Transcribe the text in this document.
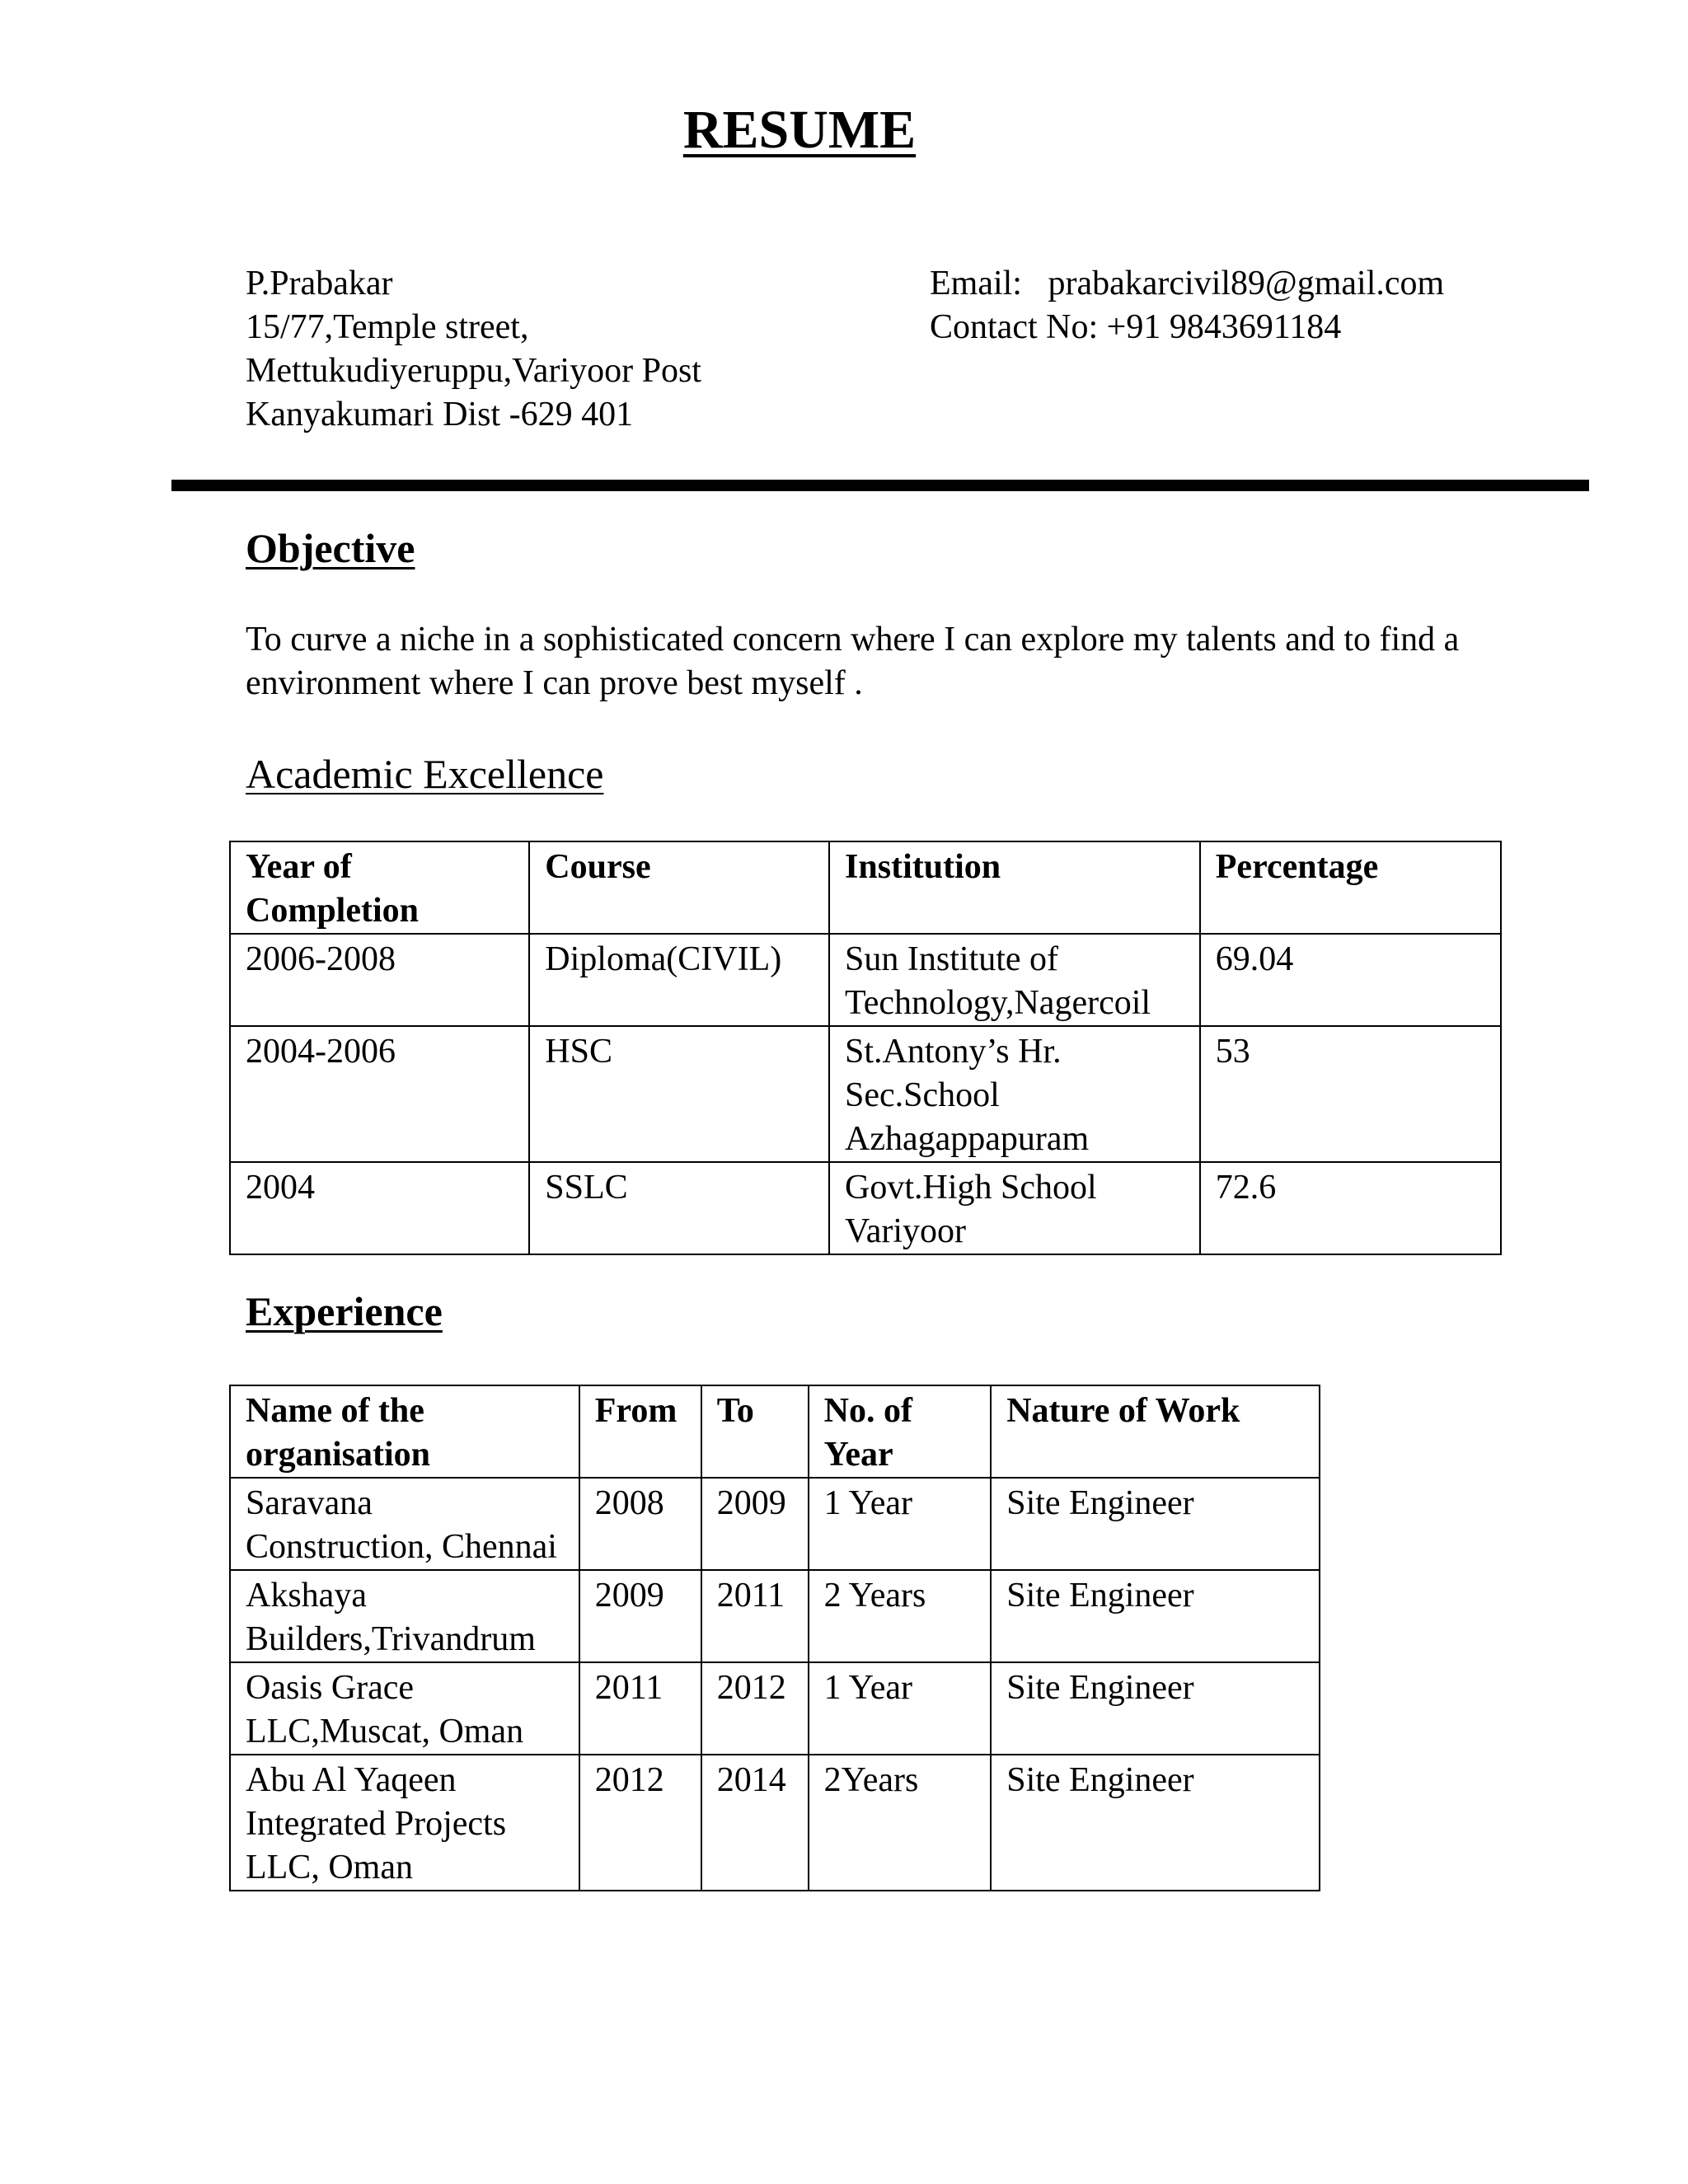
RESUME
P.Prabakar
15/77,Temple street,
Mettukudiyeruppu,Variyoor Post
Kanyakumari Dist -629 401
Email: prabakarcivil89@gmail.com
Contact No: +91 9843691184
Objective
To curve a niche in a sophisticated concern where I can explore my talents and to find a environment where I can prove best myself .
Academic Excellence
Year of Completion	Course	Institution	Percentage
2006-2008	Diploma(CIVIL)	Sun Institute of Technology,Nagercoil	69.04
2004-2006	HSC	St.Antony’s Hr. Sec.School Azhagappapuram	53
2004	SSLC	Govt.High School Variyoor	72.6
Experience
Name of the organisation	From	To	No. of Year	Nature of Work
Saravana Construction, Chennai	2008	2009	1 Year	Site Engineer
Akshaya Builders,Trivandrum	2009	2011	2 Years	Site Engineer
Oasis Grace LLC,Muscat, Oman	2011	2012	1 Year	Site Engineer
Abu Al Yaqeen Integrated Projects LLC, Oman	2012	2014	2Years	Site Engineer
